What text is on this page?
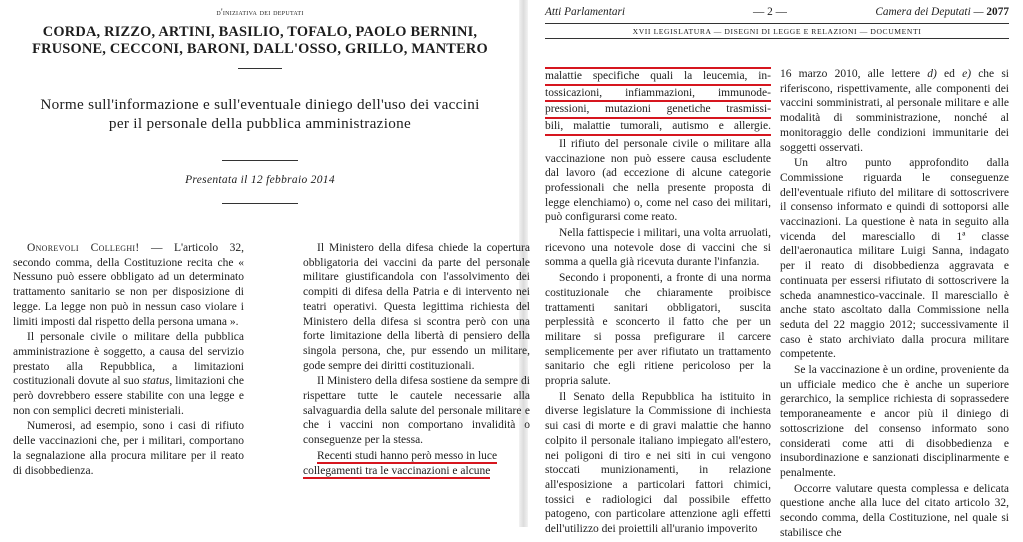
d'iniziativa dei deputati
CORDA, RIZZO, ARTINI, BASILIO, TOFALO, PAOLO BERNINI,
FRUSONE, CECCONI, BARONI, DALL'OSSO, GRILLO, MANTERO
Norme sull'informazione e sull'eventuale diniego dell'uso dei vaccini
per il personale della pubblica amministrazione
Presentata il 12 febbraio 2014

Onorevoli Colleghi! — L'articolo 32, secondo comma, della Costituzione recita che « Nessuno può essere obbligato ad un determinato trattamento sanitario se non per disposizione di legge. La legge non può in nessun caso violare i limiti imposti dal rispetto della persona umana ».

Il personale civile o militare della pubblica amministrazione è soggetto, a causa del servizio prestato alla Repubblica, a limitazioni costituzionali dovute al suo status, limitazioni che però dovrebbero essere stabilite con una legge e non con semplici decreti ministeriali.

Numerosi, ad esempio, sono i casi di rifiuto delle vaccinazioni che, per i militari, comportano la segnalazione alla procura militare per il reato di disobbedienza.

Il Ministero della difesa chiede la copertura obbligatoria dei vaccini da parte del personale militare giustificandola con l'assolvimento dei compiti di difesa della Patria e di intervento nei teatri operativi. Questa legittima richiesta del Ministero della difesa si scontra però con una forte limitazione della libertà di pensiero della singola persona, che, pur essendo un militare, gode sempre dei diritti costituzionali.

Il Ministero della difesa sostiene da sempre di rispettare tutte le cautele necessarie alla salvaguardia della salute del personale militare e che i vaccini non comportano invalidità o conseguenze per la stessa.

Recenti studi hanno però messo in luce
collegamenti tra le vaccinazioni e alcune

Atti Parlamentari	— 2 —	Camera dei Deputati — 2077
XVII LEGISLATURA — DISEGNI DI LEGGE E RELAZIONI — DOCUMENTI
malattie specifiche quali la leucemia, in-
tossicazioni, infiammazioni, immunode-
pressioni, mutazioni genetiche trasmissi-
bili, malattie tumorali, autismo e allergie.

Il rifiuto del personale civile o militare alla vaccinazione non può essere causa escludente dal lavoro (ad eccezione di alcune categorie professionali che nella presente proposta di legge elenchiamo) o, come nel caso dei militari, può configurarsi come reato.

Nella fattispecie i militari, una volta arruolati, ricevono una notevole dose di vaccini che si somma a quella già ricevuta durante l'infanzia.

Secondo i proponenti, a fronte di una norma costituzionale che chiaramente proibisce trattamenti sanitari obbligatori, suscita perplessità e sconcerto il fatto che per un militare si possa prefigurare il carcere semplicemente per aver rifiutato un trattamento sanitario che egli ritiene pericoloso per la propria salute.

Il Senato della Repubblica ha istituito in diverse legislature la Commissione di inchiesta sui casi di morte e di gravi malattie che hanno colpito il personale italiano impiegato all'estero, nei poligoni di tiro e nei siti in cui vengono stoccati munizionamenti, in relazione all'esposizione a particolari fattori chimici, tossici e radiologici dal possibile effetto patogeno, con particolare attenzione agli effetti dell'utilizzo dei proiettili all'uranio impoverito

16 marzo 2010, alle lettere d) ed e) che si riferiscono, rispettivamente, alle componenti dei vaccini somministrati, al personale militare e alle modalità di somministrazione, nonché al monitoraggio delle condizioni immunitarie dei soggetti osservati.

Un altro punto approfondito dalla Commissione riguarda le conseguenze dell'eventuale rifiuto del militare di sottoscrivere il consenso informato e quindi di sottoporsi alle vaccinazioni. La questione è nata in seguito alla vicenda del maresciallo di 1ª classe dell'aeronautica militare Luigi Sanna, indagato per il reato di disobbedienza aggravata e continuata per essersi rifiutato di sottoscrivere la scheda anamnestico-vaccinale. Il maresciallo è anche stato ascoltato dalla Commissione nella seduta del 22 maggio 2012; successivamente il caso è stato archiviato dalla procura militare competente.

Se la vaccinazione è un ordine, proveniente da un ufficiale medico che è anche un superiore gerarchico, la semplice richiesta di soprassedere temporaneamente e ancor più il diniego di sottoscrizione del consenso informato sono considerati come atti di disobbedienza e insubordinazione e sanzionati disciplinarmente e penalmente.

Occorre valutare questa complessa e delicata questione anche alla luce del citato articolo 32, secondo comma, della Costituzione, nel quale si stabilisce che
